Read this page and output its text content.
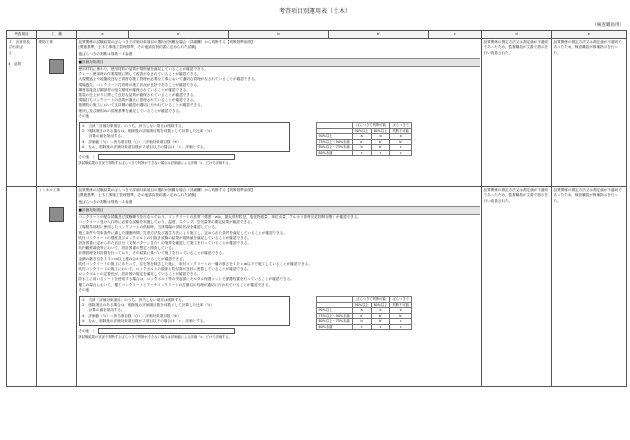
考査項目別運用表（土木）
（検査職員用）
考査項目	工　種	a	a'	b	b'	c	d	e

３．出来形及
び出来ば
え
Ⅱ．品質

堤防工事	品質関係の試験結果のばらつきで評価対象項目の選択が困難な場合（詳細欄）から判断する【判断基準参照】
[関連基準，土木工事施工管理基準，その他請負契約書に定められた試験]
他ばらつきの判断は別紙－４参照
■評価対象項目
使用材料に係わり，使用材料の品質が規格値を満足していることが確認できる。
クレーン使用時の作業環境に関して改善がなされていることが確認できる。
大規模盛土や地盤改良など高度な施工管理が必要な工事において適切な管理がなされていることが確認できる。
現場養生，コンクリート打設時の施工状況が良好であることが確認できる。
鋼材溶接及び鋼部材の組立精度が確保されていることが確認できる。
塗装の仕上がりに関して良好な品質が確保されていることが確認できる。
現場打ちコンクリートの品質が適正に管理されていることが確認できる。
基礎杭の施工において支持層の確認が適切に行われていることが確認できる。
埋戻し及び締固めの管理基準を満足していることが確認できる。
その他
①　当該「評価対象項目」のうち，該当しない項目は削除する。
②　削除項目のある場合は，削除後の評価項目数を母数として計算した比率（％）
　　計算の値を採用する。
③　評価値（％）＝該当項目数（○）／評価対象項目数（※）
④　なお，削除後の評価対象項目数が２項目以下の場合は「ｃ」評価とする。
その他　〔
	ばらつきで判断可能	ばらつきで
	90%以上	80%以上	判断不可能
90%以上	a	b	b
75%以上～90%未満	a'	b'	b'
60%以上～75%未満	b	b'	c
60%未満	c	c	c
該試験結果の状況で判断するばらつきで判断ができない場合は評価値による評価「c」だけで評価する。
	品質関係の測定方法又は測定値が不適切であったため，監督職員が文書で指示を行い改善された。	品質関係の測定方法又は測定値が不適切であったため，検査職員が修補指示を行った。

トンネル工事	品質関係の試験結果のばらつきで評価対象項目の選択が困難な場合（詳細欄）から判断する【判断基準参照】
[関連基準，土木工事施工管理基準，その他請負契約書に定められた試験]
他ばらつきの判断は別紙－４参照
■評価対象項目
コンクリートの配合試験及び試験練りを行なっており，コンクリートの品質（強度・w/c，最大骨材粒径，塩化物総量，単位水量，アルカリ骨材反応抑制対策）が確認できる。
コンクリート受け入れ時に必要な試験を実施しており，温度，スランプ，空気量等の測定結果が確認できる。
工場製作部材に使用したコンクリートの供給時，当該現場の供給状況を確認している。
施工条件や気象条件に適した運搬時間，打設方法及び養生方法により施工し，定められた条件を満足していることが確認できる。
吹付コンクリートの強度及びロックボルトの引抜き試験の結果が規格値を満足していることが確認できる。
設計図書に定められた岩区分（支保パターン含む）の境界を確認して施工を行っていることが確認できる。
坑内観察調査等において，設計図書の想定と照査している。
計測管理をＢ計測を行っており，その結果に基づいて施工を行っていることが確認できる。
金網の継ぎ目を１５ｃｍ以上重ね合わせていることが確認できる。
吹付コンクリートの施工にあたって，浮石等を除去した後に，吹付コンクリートの一層の厚さを１０ｃｍ以下で施工していることが確認できる。
吹付コンクリートの施工において，ロックボルトの頭部と吹付面が良好に密着していることが確認できる。
ロックボルトの定着長が，設計図の規定を満足していることが確認できる。
防水工に用いるシートを使用する場合は，ロックボルト等の突起部にモルタル保護マットで保護処置を行っていることが確認できる。
覆工の場合において，覆工コンクリートとアーチコンクリートの打継目の処理が適切に行われていることが確認できる。
その他
①　当該「評価対象項目」のうち，該当しない項目は削除する。
②　削除項目のある場合は，削除後の評価項目数を母数として計算した比率（％）
　　計算の値を採用する。
③　評価値（％）＝該当項目数（○）／評価対象項目数（※）
④　なお，削除後の評価対象項目数が２項目以下の場合は「ｃ」評価とする。
その他　〔
	ばらつきで判断可能	ばらつきで
	90%以上	80%以上	判断不可能
90%以上	a	b	b
75%以上～90%未満	a'	b'	b'
60%以上～75%未満	b	b'	c
60%未満	c	c	c
該試験結果の状況で判断するばらつきで判断ができない場合は評価値による評価「c」だけで評価する。
	品質関係の測定方法又は測定値が不適切であったため，監督職員が文書で指示を行い改善された。	品質関係の測定方法又は測定値が不適切であったため，検査職員が修補指示を行った。
